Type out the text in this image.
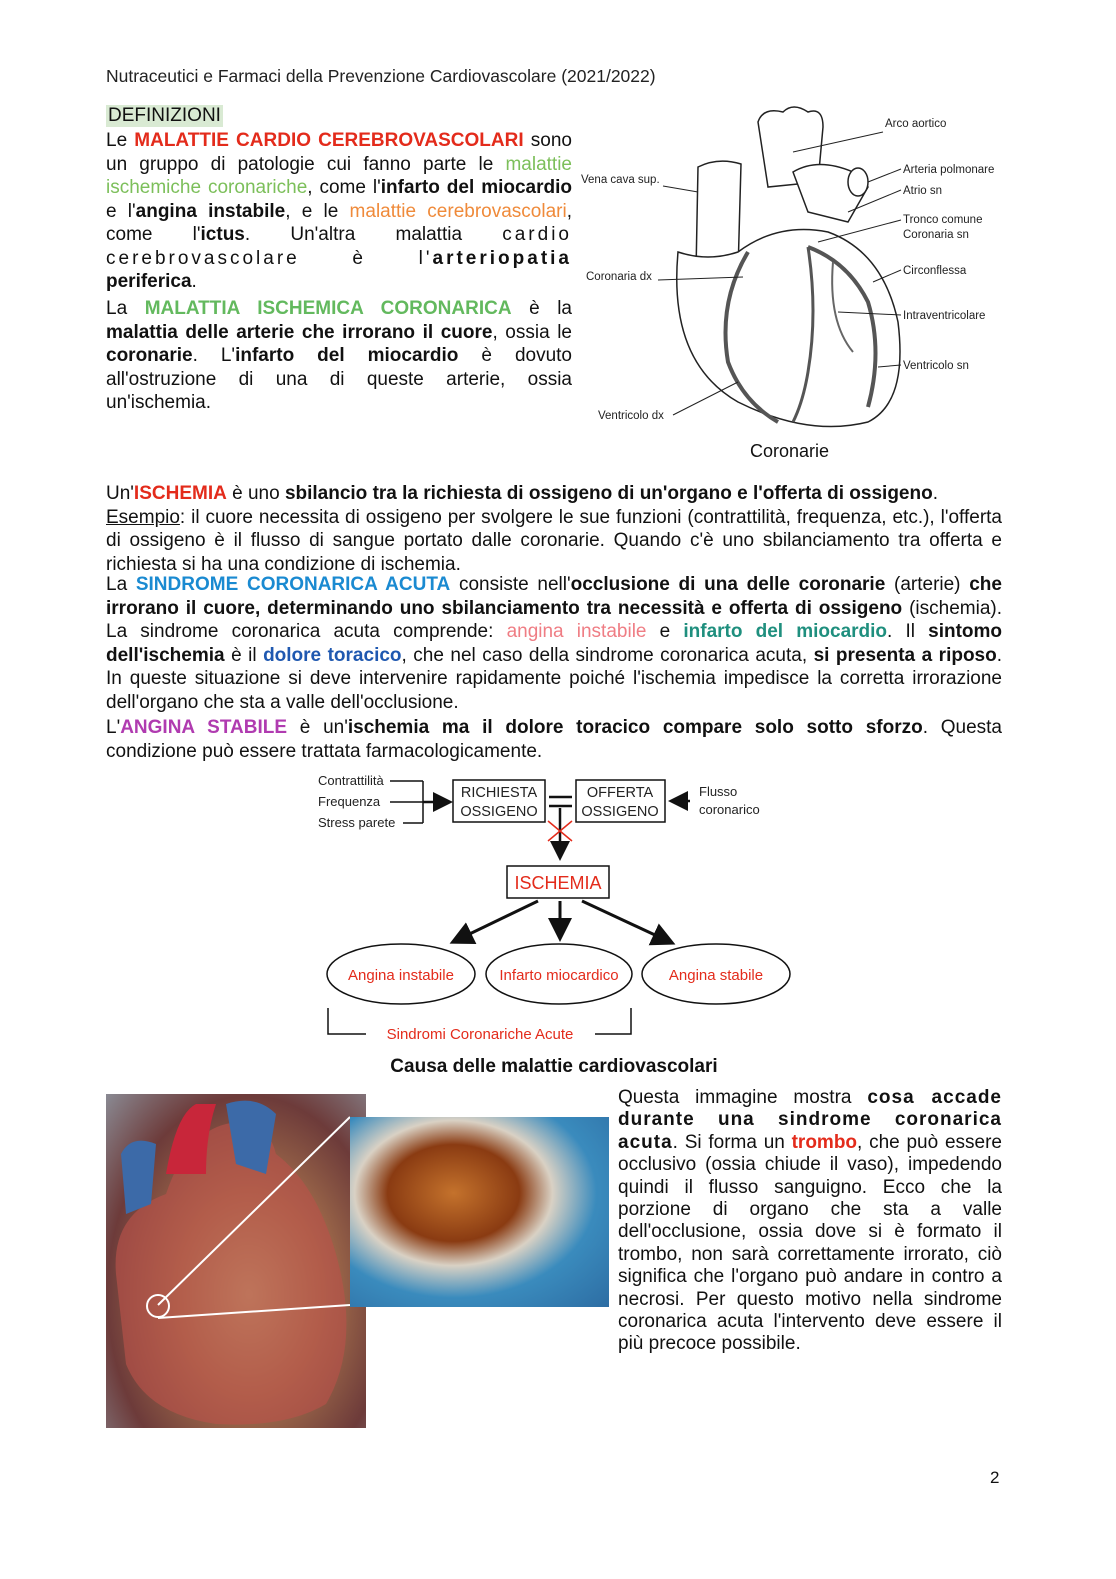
Nutraceutici e Farmaci della Prevenzione Cardiovascolare (2021/2022)
DEFINIZIONI
Le MALATTIE CARDIO CEREBROVASCOLARI sono un gruppo di patologie cui fanno parte le malattie ischemiche coronariche, come l'infarto del miocardio e l'angina instabile, e le malattie cerebrovascolari, come l'ictus. Un'altra malattia cardio cerebrovascolare è l'arteriopatia periferica.
La MALATTIA ISCHEMICA CORONARICA è la malattia delle arterie che irrorano il cuore, ossia le coronarie. L'infarto del miocardio è dovuto all'ostruzione di una di queste arterie, ossia un'ischemia.
Arco aortico
Vena cava sup.
Arteria polmonare
Atrio sn
Tronco comune
Coronaria sn
Coronaria dx	Circonflessa
Intraventricolare
Ventricolo sn
Ventricolo dx
Coronarie
Un'ISCHEMIA è uno sbilancio tra la richiesta di ossigeno di un'organo e l'offerta di ossigeno.
Esempio: il cuore necessita di ossigeno per svolgere le sue funzioni (contrattilità, frequenza, etc.), l'offerta di ossigeno è il flusso di sangue portato dalle coronarie. Quando c'è uno sbilanciamento tra offerta e richiesta si ha una condizione di ischemia.
La SINDROME CORONARICA ACUTA consiste nell'occlusione di una delle coronarie (arterie) che irrorano il cuore, determinando uno sbilanciamento tra necessità e offerta di ossigeno (ischemia). La sindrome coronarica acuta comprende: angina instabile e infarto del miocardio. Il sintomo dell'ischemia è il dolore toracico, che nel caso della sindrome coronarica acuta, si presenta a riposo. In queste situazione si deve intervenire rapidamente poiché l'ischemia impedisce la corretta irrorazione dell'organo che sta a valle dell'occlusione.
L'ANGINA STABILE è un'ischemia ma il dolore toracico compare solo sotto sforzo. Questa condizione può essere trattata farmacologicamente.
Contrattilità
Frequenza
Stress parete
RICHIESTA
OSSIGENO
OFFERTA
OSSIGENO
Flusso
coronarico
ISCHEMIA
Angina instabile	Infarto miocardico	Angina stabile
Sindromi Coronariche Acute
Causa delle malattie cardiovascolari
Questa immagine mostra cosa accade durante una sindrome coronarica acuta. Si forma un trombo, che può essere occlusivo (ossia chiude il vaso), impedendo quindi il flusso sanguigno. Ecco che la porzione di organo che sta a valle dell'occlusione, ossia dove si è formato il trombo, non sarà correttamente irrorato, ciò significa che l'organo può andare in contro a necrosi. Per questo motivo nella sindrome coronarica acuta l'intervento deve essere il più precoce possibile.
2
